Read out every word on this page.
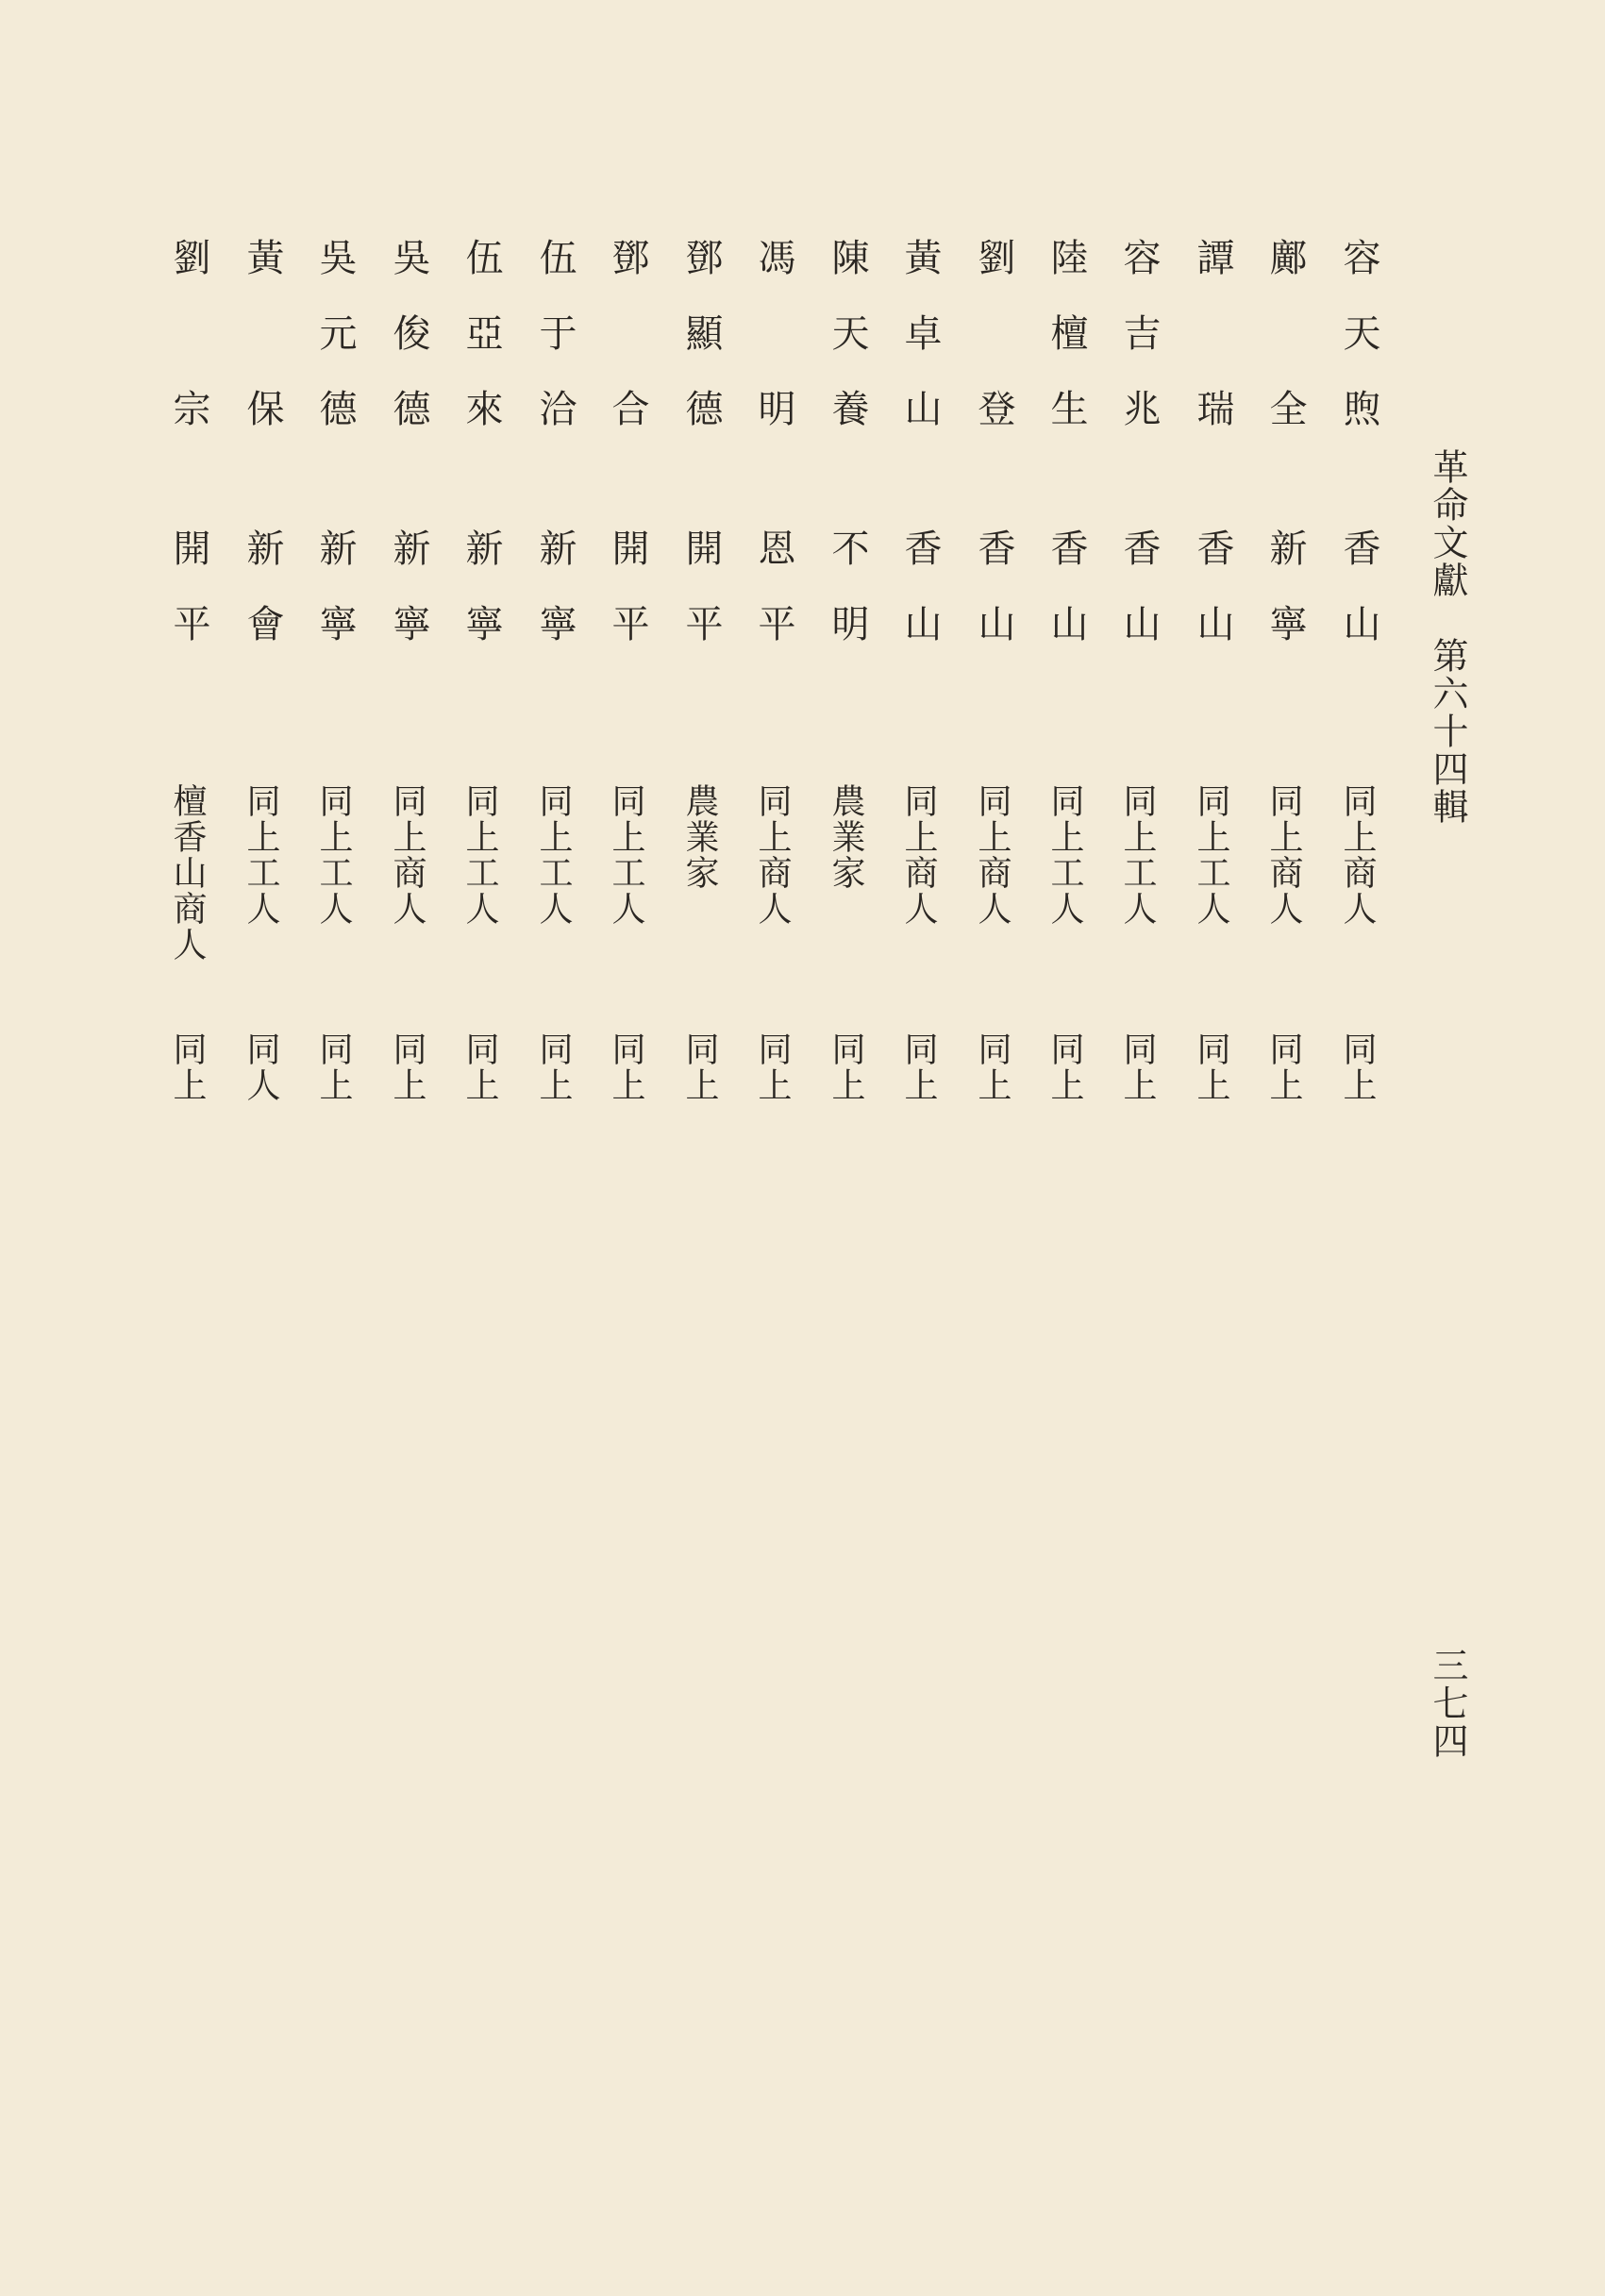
革命文獻　第六十四輯
三七四
容天煦
香山
同上商人
同上
鄺　全
新寧
同上商人
同上
譚　瑞
香山
同上工人
同上
容吉兆
香山
同上工人
同上
陸檀生
香山
同上工人
同上
劉　登
香山
同上商人
同上
黃卓山
香山
同上商人
同上
陳天養
不明
農業家
同上
馮　明
恩平
同上商人
同上
鄧顯德
開平
農業家
同上
鄧　合
開平
同上工人
同上
伍于洽
新寧
同上工人
同上
伍亞來
新寧
同上工人
同上
吳俊德
新寧
同上商人
同上
吳元德
新寧
同上工人
同上
黃　保
新會
同上工人
同人
劉　宗
開平
檀香山商人
同上
